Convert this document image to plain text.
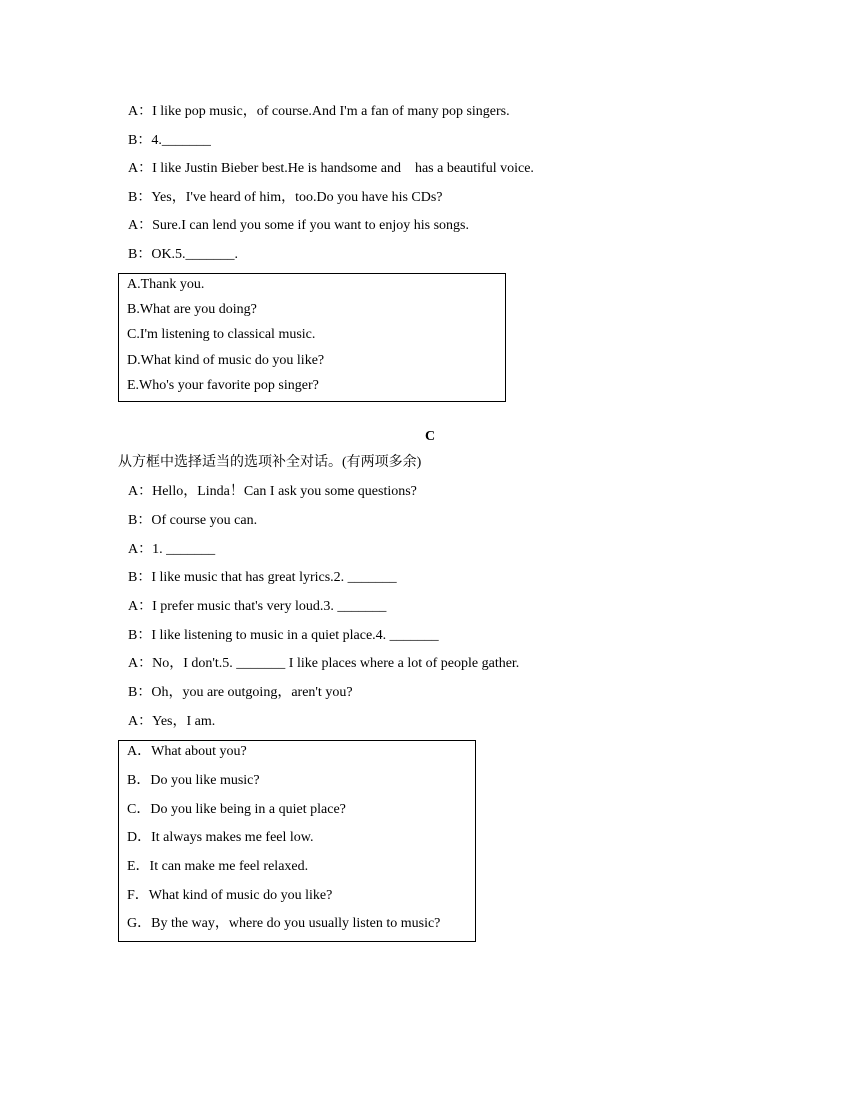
A：I like pop music，of course.And I'm a fan of many pop singers.
B：4._______
A：I like Justin Bieber best.He is handsome and    has a beautiful voice.
B：Yes，I've heard of him，too.Do you have his CDs?
A：Sure.I can lend you some if you want to enjoy his songs.
B：OK.5._______.
A.Thank you.
B.What are you doing?
C.I'm listening to classical music.
D.What kind of music do you like?
E.Who's your favorite pop singer?
C
从方框中选择适当的选项补全对话。(有两项多余)
A：Hello，Linda！Can I ask you some questions?
B：Of course you can.
A：1. _______
B：I like music that has great lyrics.2. _______
A：I prefer music that's very loud.3. _______
B：I like listening to music in a quiet place.4. _______
A：No，I don't.5. _______ I like places where a lot of people gather.
B：Oh，you are outgoing，aren't you?
A：Yes，I am.
A．What about you?
B．Do you like music?
C．Do you like being in a quiet place?
D．It always makes me feel low.
E．It can make me feel relaxed.
F．What kind of music do you like?
G．By the way，where do you usually listen to music?
